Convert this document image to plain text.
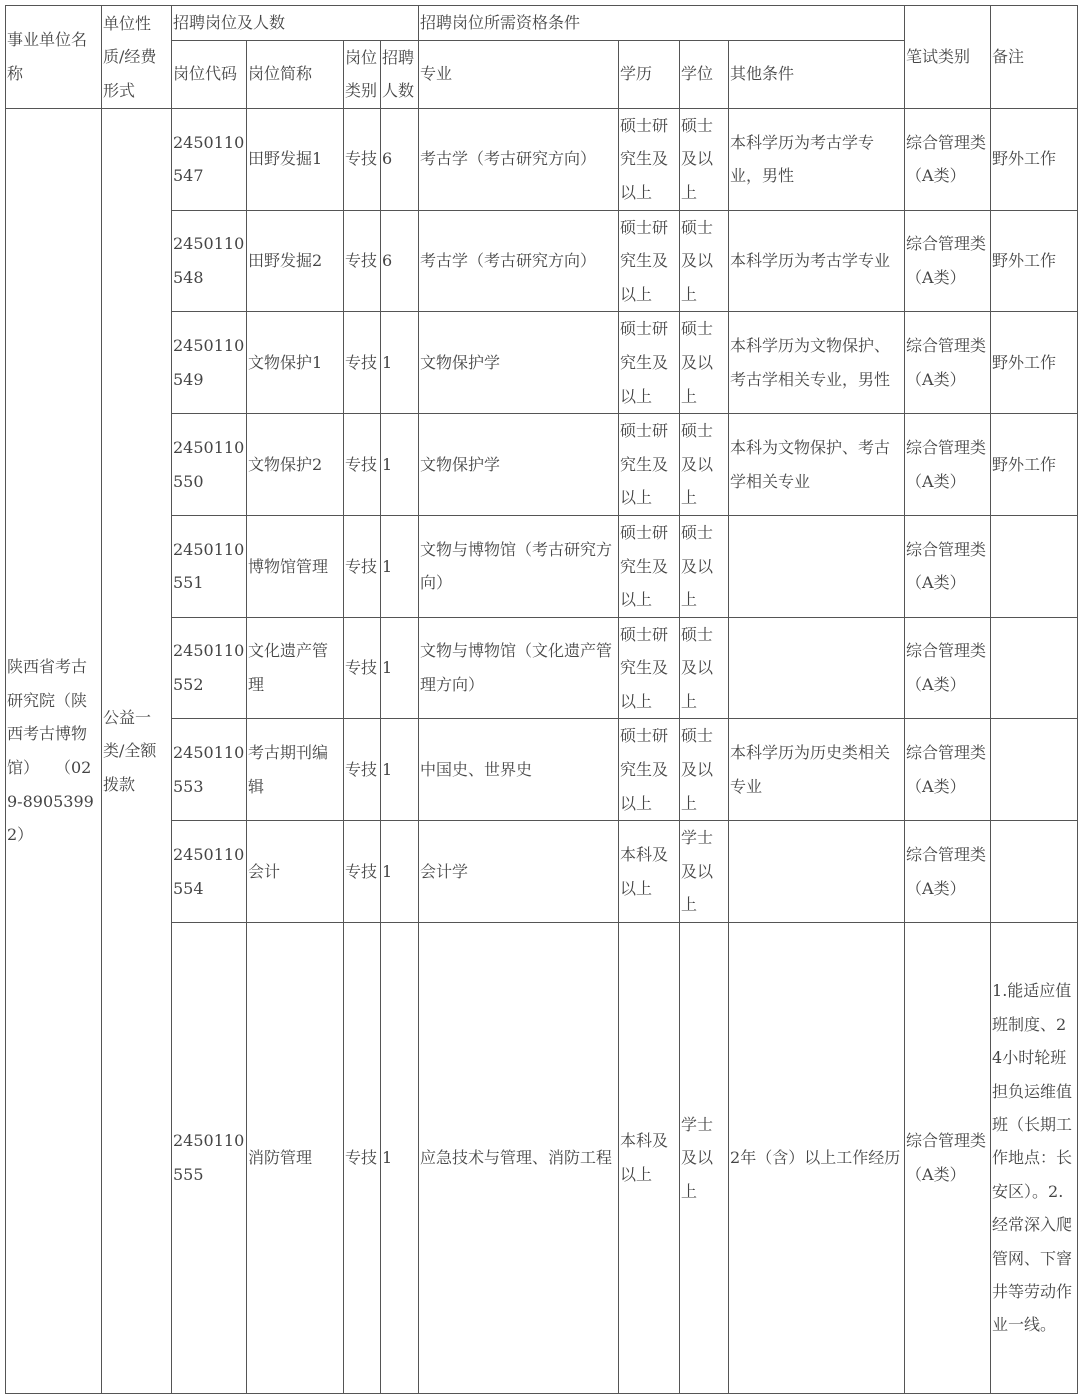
事业单位名称	单位性质/经费形式	招聘岗位及人数				招聘岗位所需资格条件				笔试类别	备注
		岗位代码	岗位简称	岗位类别	招聘人数	专业	学历	学位	其他条件		
陕西省考古研究院（陕西考古博物馆）　　（029-89053992）	公益一类/全额拨款	2450110547	田野发掘1	专技	6	考古学（考古研究方向）	硕士研究生及以上	硕士及以上	本科学历为考古学专业，男性	综合管理类（A类）	野外工作
		2450110548	田野发掘2	专技	6	考古学（考古研究方向）	硕士研究生及以上	硕士及以上	本科学历为考古学专业	综合管理类（A类）	野外工作
		2450110549	文物保护1	专技	1	文物保护学	硕士研究生及以上	硕士及以上	本科学历为文物保护、考古学相关专业，男性	综合管理类（A类）	野外工作
		2450110550	文物保护2	专技	1	文物保护学	硕士研究生及以上	硕士及以上	本科为文物保护、考古学相关专业	综合管理类（A类）	野外工作
		2450110551	博物馆管理	专技	1	文物与博物馆（考古研究方向）	硕士研究生及以上	硕士及以上		综合管理类（A类）	
		2450110552	文化遗产管理	专技	1	文物与博物馆（文化遗产管理方向）	硕士研究生及以上	硕士及以上		综合管理类（A类）	
		2450110553	考古期刊编辑	专技	1	中国史、世界史	硕士研究生及以上	硕士及以上	本科学历为历史类相关专业	综合管理类（A类）	
		2450110554	会计	专技	1	会计学	本科及以上	学士及以上		综合管理类（A类）	
		2450110555	消防管理	专技	1	应急技术与管理、消防工程	本科及以上	学士及以上	2年（含）以上工作经历	综合管理类（A类）	1.能适应值班制度、24小时轮班担负运维值班（长期工作地点：长安区）。2.经常深入爬管网、下窨井等劳动作业一线。
